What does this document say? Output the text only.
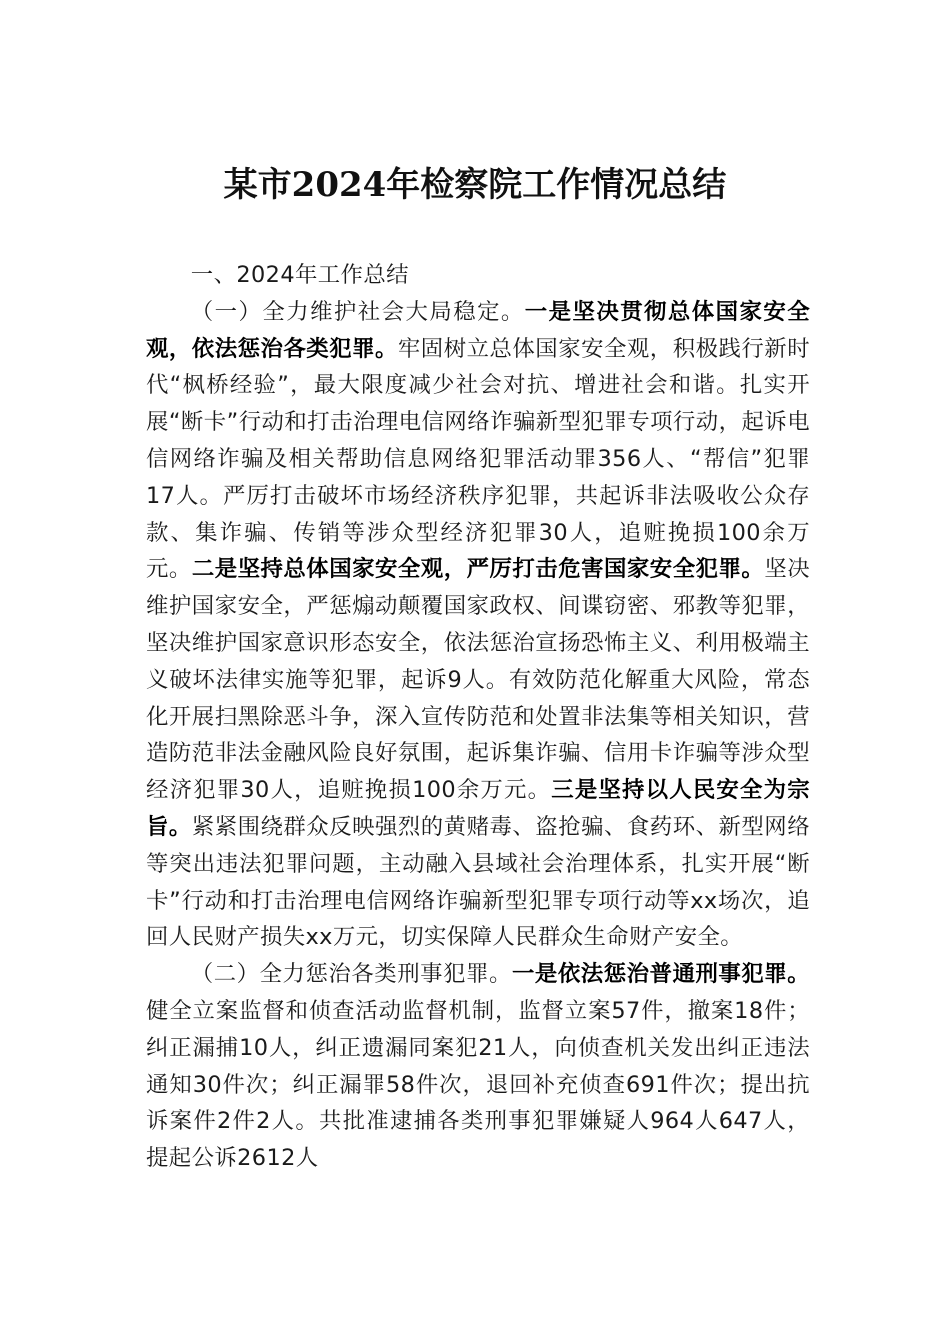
某市2024年检察院工作情况总结

一、2024年工作总结

（一）全力维护社会大局稳定。一是坚决贯彻总体国家安全观，依法惩治各类犯罪。牢固树立总体国家安全观，积极践行新时代“枫桥经验”，最大限度减少社会对抗、增进社会和谐。扎实开展“断卡”行动和打击治理电信网络诈骗新型犯罪专项行动，起诉电信网络诈骗及相关帮助信息网络犯罪活动罪356人、“帮信”犯罪17人。严厉打击破坏市场经济秩序犯罪，共起诉非法吸收公众存款、集诈骗、传销等涉众型经济犯罪30人，追赃挽损100余万元。二是坚持总体国家安全观，严厉打击危害国家安全犯罪。坚决维护国家安全，严惩煽动颠覆国家政权、间谍窃密、邪教等犯罪，坚决维护国家意识形态安全，依法惩治宣扬恐怖主义、利用极端主义破坏法律实施等犯罪，起诉9人。有效防范化解重大风险，常态化开展扫黑除恶斗争，深入宣传防范和处置非法集等相关知识，营造防范非法金融风险良好氛围，起诉集诈骗、信用卡诈骗等涉众型经济犯罪30人，追赃挽损100余万元。三是坚持以人民安全为宗旨。紧紧围绕群众反映强烈的黄赌毒、盗抢骗、食药环、新型网络等突出违法犯罪问题，主动融入县域社会治理体系，扎实开展“断卡”行动和打击治理电信网络诈骗新型犯罪专项行动等xx场次，追回人民财产损失xx万元，切实保障人民群众生命财产安全。

（二）全力惩治各类刑事犯罪。一是依法惩治普通刑事犯罪。健全立案监督和侦查活动监督机制，监督立案57件，撤案18件；纠正漏捕10人，纠正遗漏同案犯21人，向侦查机关发出纠正违法通知30件次；纠正漏罪58件次，退回补充侦查691件次；提出抗诉案件2件2人。共批准逮捕各类刑事犯罪嫌疑人964人647人，提起公诉2612人
